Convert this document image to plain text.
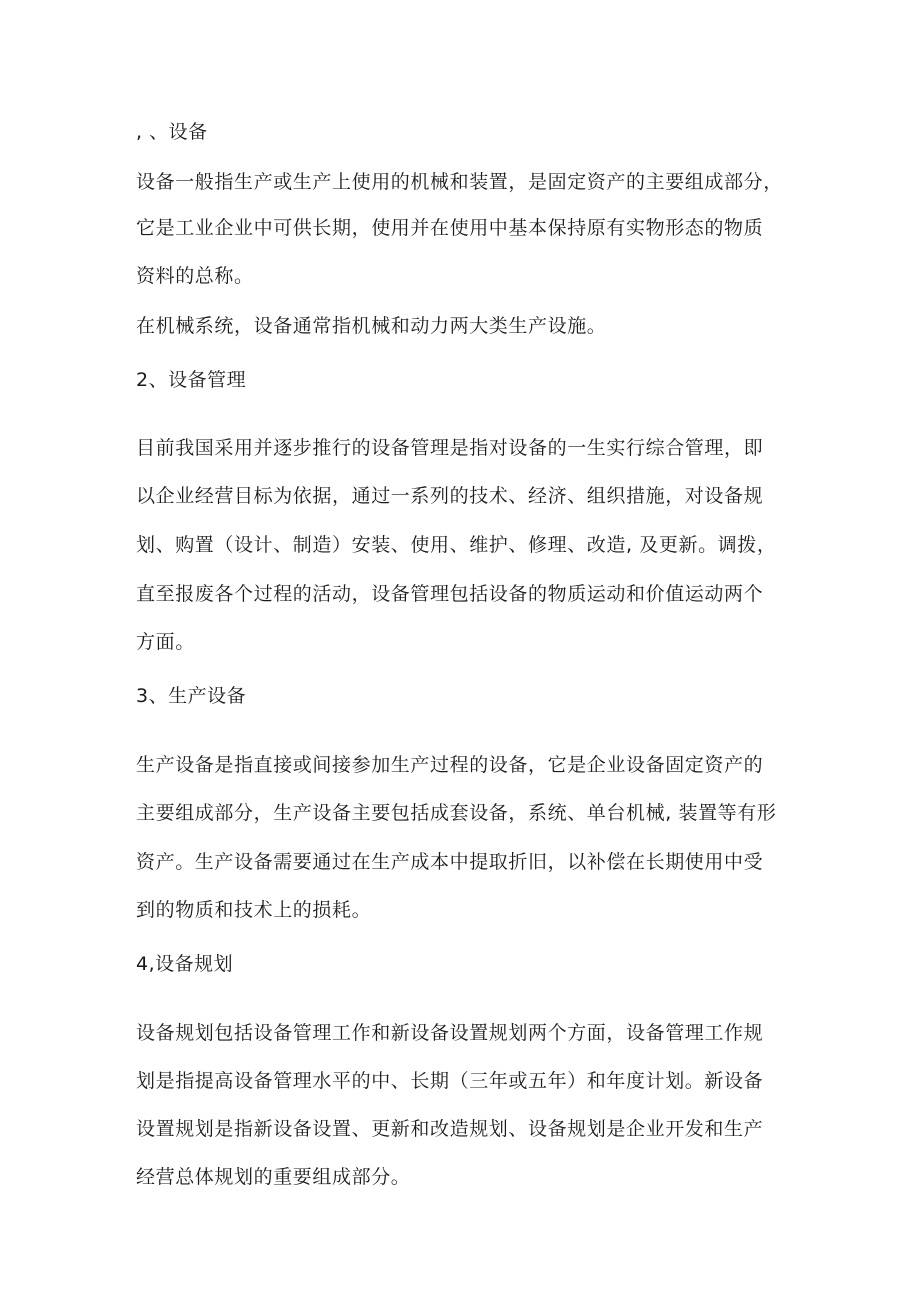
, 、设备
设备一般指生产或生产上使用的机械和装置，是固定资产的主要组成部分，
它是工业企业中可供长期，使用并在使用中基本保持原有实物形态的物质
资料的总称。
在机械系统，设备通常指机械和动力两大类生产设施。
2、设备管理
目前我国采用并逐步推行的设备管理是指对设备的一生实行综合管理，即
以企业经营目标为依据，通过一系列的技术、经济、组织措施，对设备规
划、购置（设计、制造）安装、使用、维护、修理、改造, 及更新。调拨，
直至报废各个过程的活动，设备管理包括设备的物质运动和价值运动两个
方面。
3、生产设备
生产设备是指直接或间接参加生产过程的设备，它是企业设备固定资产的
主要组成部分，生产设备主要包括成套设备，系统、单台机械, 装置等有形
资产。生产设备需要通过在生产成本中提取折旧，以补偿在长期使用中受
到的物质和技术上的损耗。
4,设备规划
设备规划包括设备管理工作和新设备设置规划两个方面，设备管理工作规
划是指提高设备管理水平的中、长期（三年或五年）和年度计划。新设备
设置规划是指新设备设置、更新和改造规划、设备规划是企业开发和生产
经营总体规划的重要组成部分。
